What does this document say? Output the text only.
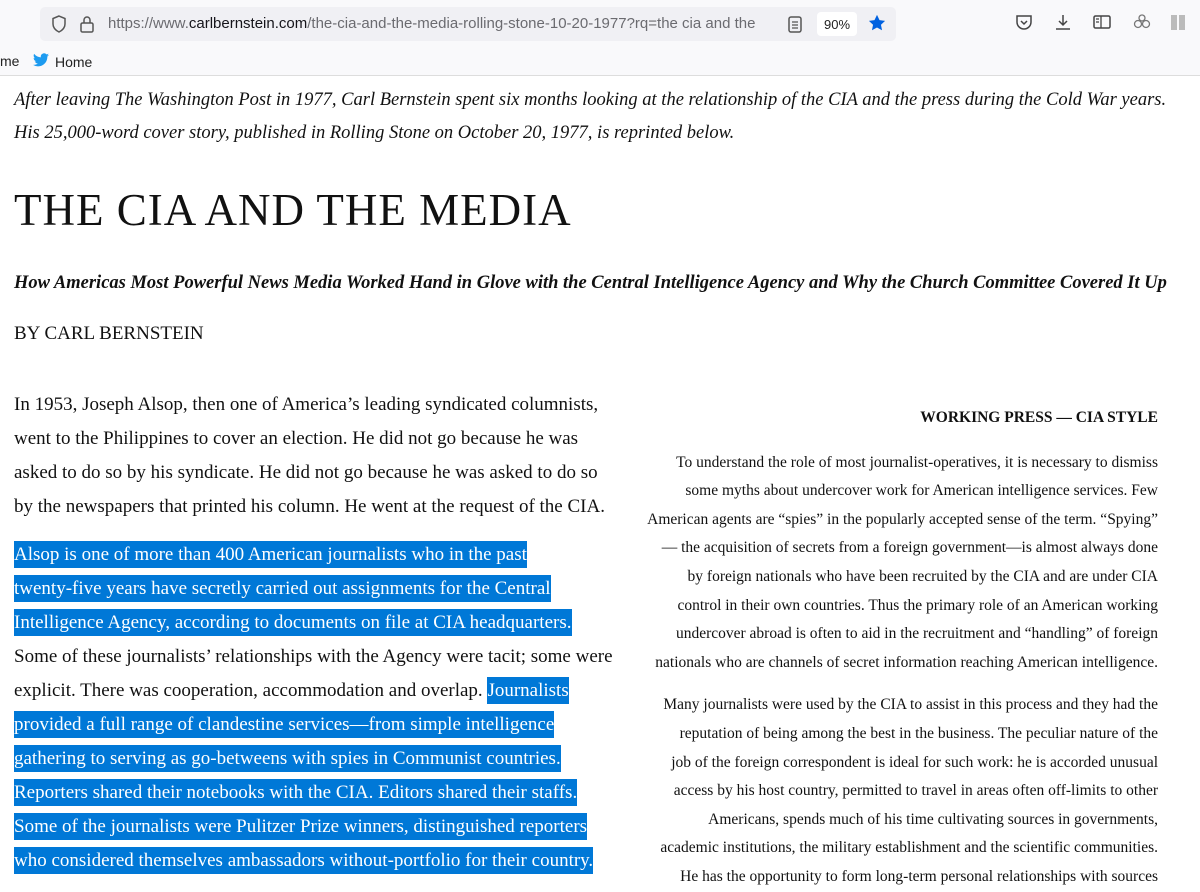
https://www.carlbernstein.com/the-cia-and-the-media-rolling-stone-10-20-1977?rq=the cia and the	90%
me	Home

After leaving The Washington Post in 1977, Carl Bernstein spent six months looking at the relationship of the CIA and the press during the Cold War years. His 25,000-word cover story, published in Rolling Stone on October 20, 1977, is reprinted below.

THE CIA AND THE MEDIA

How Americas Most Powerful News Media Worked Hand in Glove with the Central Intelligence Agency and Why the Church Committee Covered It Up

BY CARL BERNSTEIN

In 1953, Joseph Alsop, then one of America’s leading syndicated columnists,
went to the Philippines to cover an election. He did not go because he was
asked to do so by his syndicate. He did not go because he was asked to do so
by the newspapers that printed his column. He went at the request of the CIA.
Alsop is one of more than 400 American journalists who in the past
twenty-five years have secretly carried out assignments for the Central
Intelligence Agency, according to documents on file at CIA headquarters.
Some of these journalists’ relationships with the Agency were tacit; some were
explicit. There was cooperation, accommodation and overlap. Journalists
provided a full range of clandestine services—from simple intelligence
gathering to serving as go-betweens with spies in Communist countries.
Reporters shared their notebooks with the CIA. Editors shared their staffs.
Some of the journalists were Pulitzer Prize winners, distinguished reporters
who considered themselves ambassadors without-portfolio for their country.
WORKING PRESS — CIA STYLE
To understand the role of most journalist-operatives, it is necessary to dismiss
some myths about undercover work for American intelligence services. Few
American agents are “spies” in the popularly accepted sense of the term. “Spying”
— the acquisition of secrets from a foreign government—is almost always done
by foreign nationals who have been recruited by the CIA and are under CIA
control in their own countries. Thus the primary role of an American working
undercover abroad is often to aid in the recruitment and “handling” of foreign
nationals who are channels of secret information reaching American intelligence.
Many journalists were used by the CIA to assist in this process and they had the
reputation of being among the best in the business. The peculiar nature of the
job of the foreign correspondent is ideal for such work: he is accorded unusual
access by his host country, permitted to travel in areas often off-limits to other
Americans, spends much of his time cultivating sources in governments,
academic institutions, the military establishment and the scientific communities.
He has the opportunity to form long-term personal relationships with sources
